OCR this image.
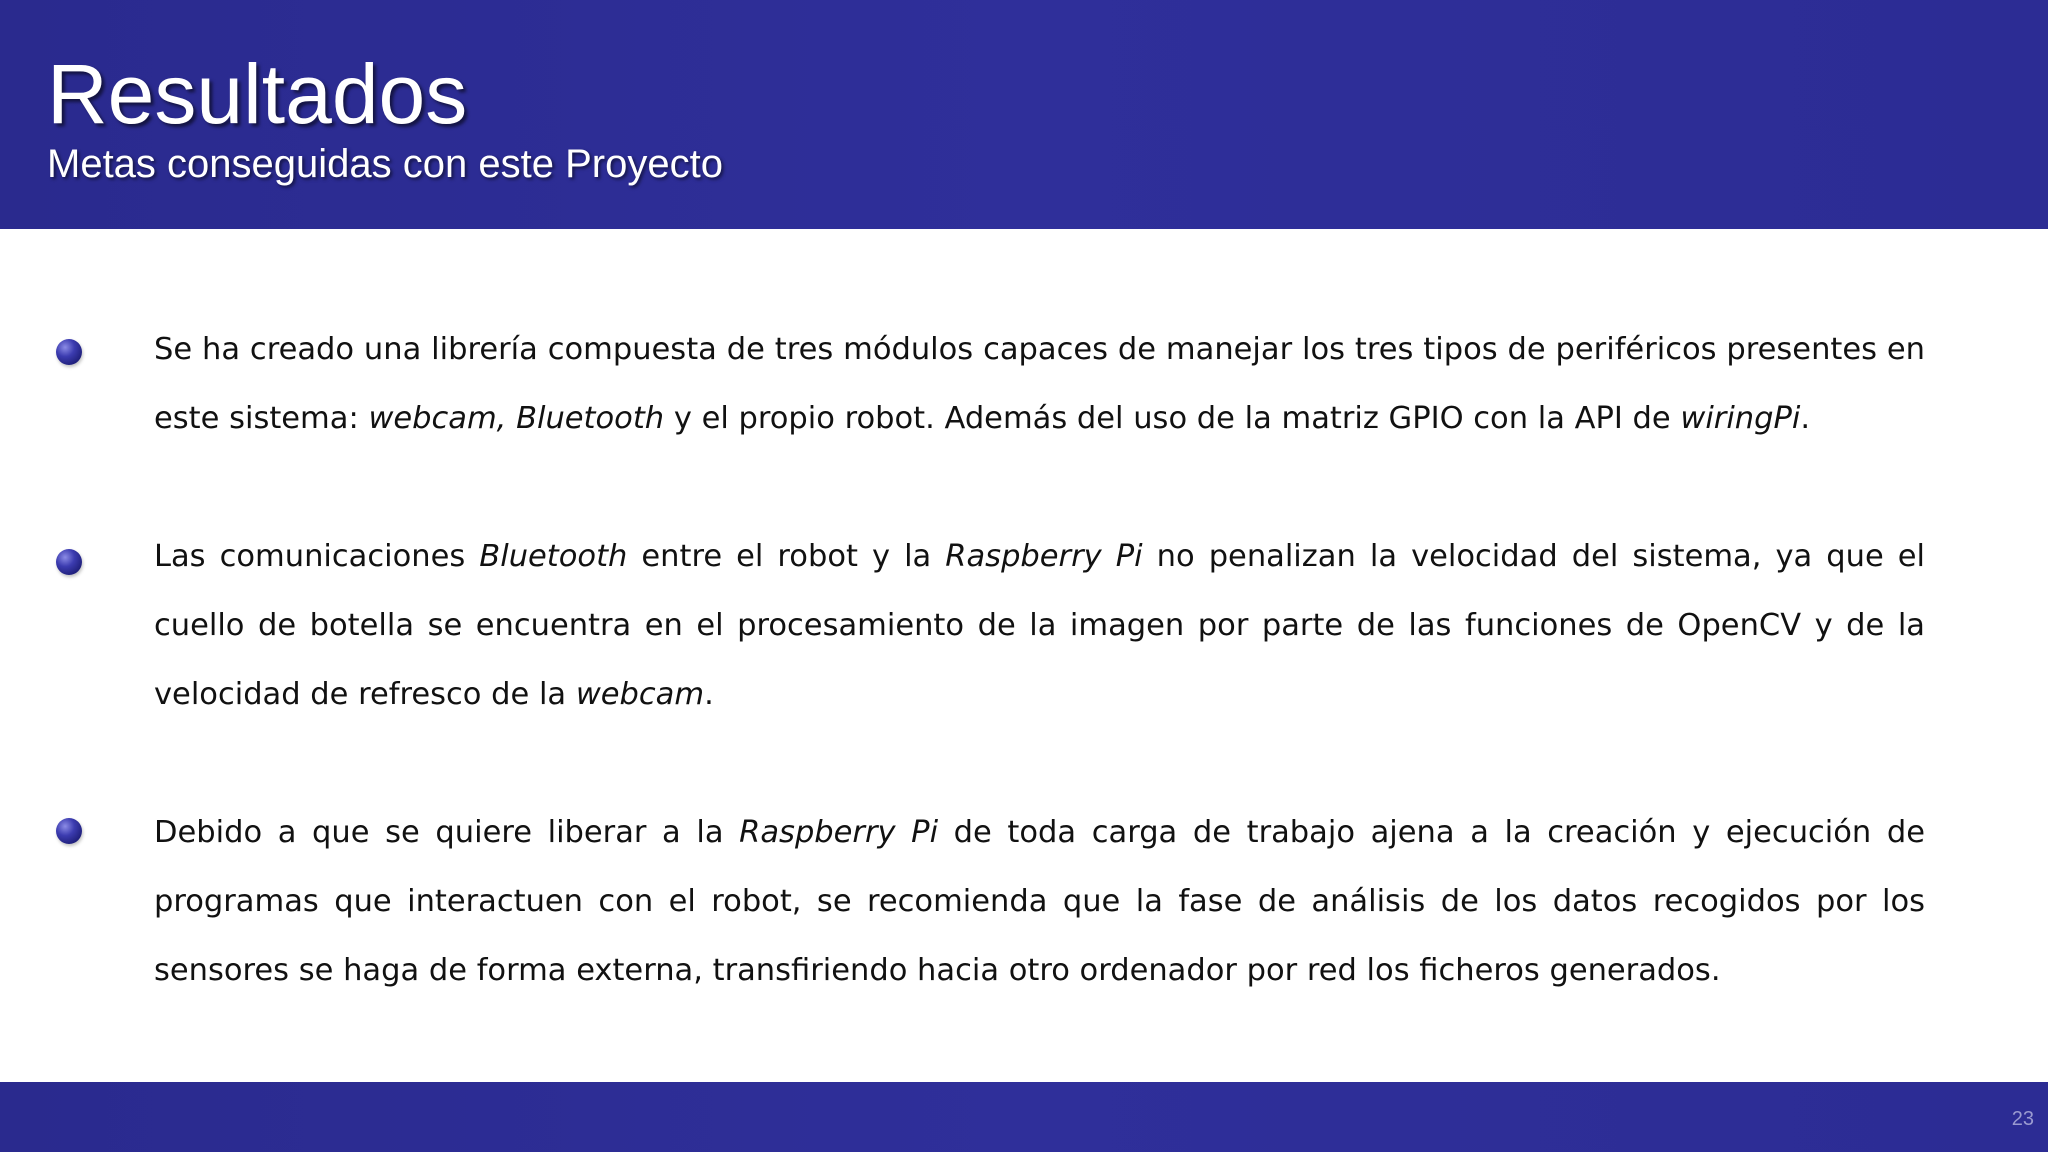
Resultados
Metas conseguidas con este Proyecto
Se ha creado una librería compuesta de tres módulos capaces de manejar los tres tipos de periféricos presentes en este sistema: webcam, Bluetooth y el propio robot. Además del uso de la matriz GPIO con la API de wiringPi.
Las comunicaciones Bluetooth entre el robot y la Raspberry Pi no penalizan la velocidad del sistema, ya que el cuello de botella se encuentra en el procesamiento de la imagen por parte de las funciones de OpenCV y de la velocidad de refresco de la webcam.
Debido a que se quiere liberar a la Raspberry Pi de toda carga de trabajo ajena a la creación y ejecución de programas que interactuen con el robot, se recomienda que la fase de análisis de los datos recogidos por los sensores se haga de forma externa, transfiriendo hacia otro ordenador por red los ficheros generados.
23
